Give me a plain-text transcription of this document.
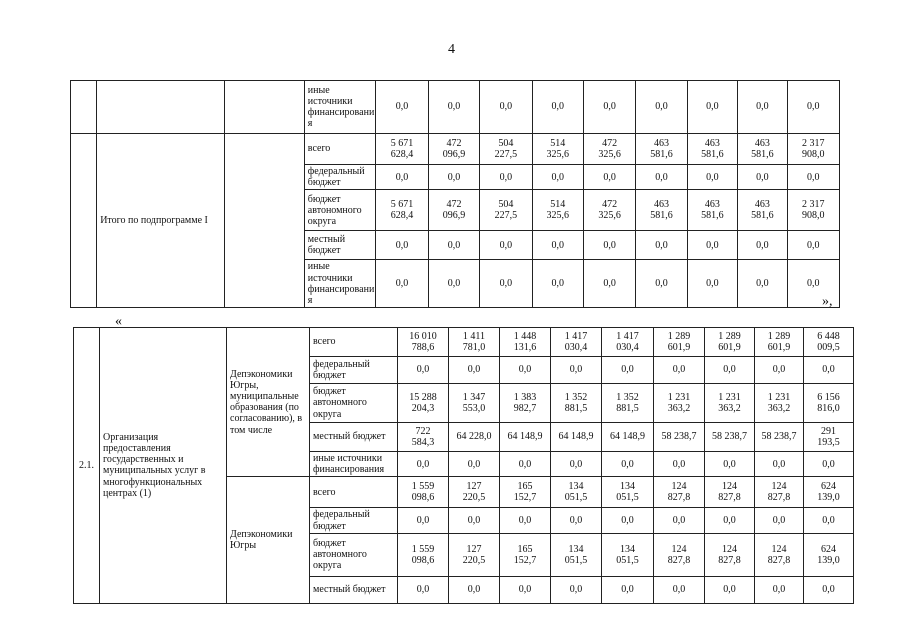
4
			иные источники финансировани я	0,0	0,0	0,0	0,0	0,0	0,0	0,0	0,0	0,0
	Итого по подпрограмме I		всего	5 671
628,4	472
096,9	504
227,5	514
325,6	472
325,6	463
581,6	463
581,6	463
581,6	2 317
908,0
			федеральный бюджет	0,0	0,0	0,0	0,0	0,0	0,0	0,0	0,0	0,0
			бюджет автономного округа	5 671
628,4	472
096,9	504
227,5	514
325,6	472
325,6	463
581,6	463
581,6	463
581,6	2 317
908,0
			местный бюджет	0,0	0,0	0,0	0,0	0,0	0,0	0,0	0,0	0,0
			иные источники финансировани я	0,0	0,0	0,0	0,0	0,0	0,0	0,0	0,0	0,0
»,
«
2.1.	Организация предоставления государственных и муниципальных услуг в многофункциональных центрах (1)	Депэкономики Югры, муниципальные образования (по согласованию), в том числе	всего	16 010
788,6	1 411
781,0	1 448
131,6	1 417
030,4	1 417
030,4	1 289
601,9	1 289
601,9	1 289
601,9	6 448
009,5
			федеральный бюджет	0,0	0,0	0,0	0,0	0,0	0,0	0,0	0,0	0,0
			бюджет автономного округа	15 288
204,3	1 347
553,0	1 383
982,7	1 352
881,5	1 352
881,5	1 231
363,2	1 231
363,2	1 231
363,2	6 156
816,0
			местный бюджет	722
584,3	64 228,0	64 148,9	64 148,9	64 148,9	58 238,7	58 238,7	58 238,7	291
193,5
			иные источники финансирования	0,0	0,0	0,0	0,0	0,0	0,0	0,0	0,0	0,0
		Депэкономики Югры	всего	1 559
098,6	127
220,5	165
152,7	134
051,5	134
051,5	124
827,8	124
827,8	124
827,8	624
139,0
			федеральный бюджет	0,0	0,0	0,0	0,0	0,0	0,0	0,0	0,0	0,0
			бюджет автономного округа	1 559
098,6	127
220,5	165
152,7	134
051,5	134
051,5	124
827,8	124
827,8	124
827,8	624
139,0
			местный бюджет	0,0	0,0	0,0	0,0	0,0	0,0	0,0	0,0	0,0
